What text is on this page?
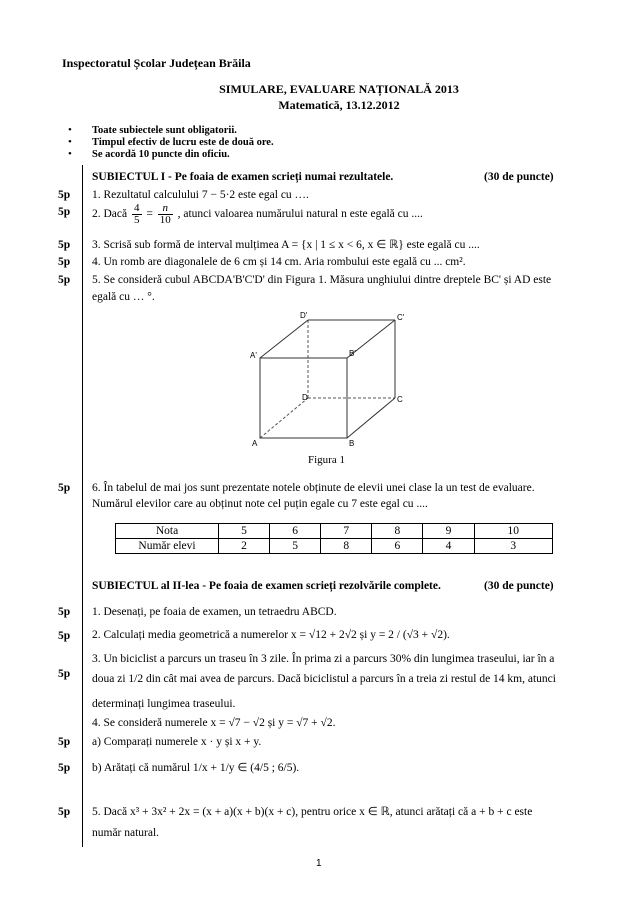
Inspectoratul Școlar Județean Brăila
SIMULARE, EVALUARE NAȚIONALĂ 2013
Matematică, 13.12.2012
• Toate subiectele sunt obligatorii.
• Timpul efectiv de lucru este de două ore.
• Se acordă 10 puncte din oficiu.
SUBIECTUL I - Pe foaia de examen scrieți numai rezultatele.	(30 de puncte)
5p 1. Rezultatul calculului 7 − 5·2 este egal cu ….
5p 2. Dacă $\frac{4}{5} = \frac{n}{10}$ , atunci valoarea numărului natural n este egală cu ....
5p 3. Scrisă sub formă de interval mulțimea A = {x | 1 ≤ x < 6, x ∈ ℝ} este egală cu ....
5p 4. Un romb are diagonalele de 6 cm și 14 cm. Aria rombului este egală cu ... cm².
5p 5. Se consideră cubul ABCDA'B'C'D' din Figura 1. Măsura unghiului dintre dreptele BC' și AD este
egală cu … °.
D'	C'
B'
A'
D	C
A	B
Figura 1
5p 6. În tabelul de mai jos sunt prezentate notele obținute de elevii unei clase la un test de evaluare.
Numărul elevilor care au obținut note cel puțin egale cu 7 este egal cu ....
Nota	5	6	7	8	9	10
Număr elevi	2	5	8	6	4	3
SUBIECTUL al II-lea - Pe foaia de examen scrieți rezolvările complete.	(30 de puncte)
5p 1. Desenați, pe foaia de examen, un tetraedru ABCD.
5p 2. Calculați media geometrică a numerelor x = √12 + 2√2 și y = 2 / (√3 + √2).
5p
3. Un biciclist a parcurs un traseu în 3 zile. În prima zi a parcurs 30% din lungimea traseului, iar în a
doua zi 1/2 din cât mai avea de parcurs. Dacă biciclistul a parcurs în a treia zi restul de 14 km, atunci
determinați lungimea traseului.
4. Se consideră numerele x = √7 − √2 și y = √7 + √2.
5p a) Comparați numerele x · y și x + y.
5p b) Arătați că numărul 1/x + 1/y ∈ (4/5 ; 6/5).
5p 5. Dacă x³ + 3x² + 2x = (x + a)(x + b)(x + c), pentru orice x ∈ ℝ, atunci arătați că a + b + c este
număr natural.
1
